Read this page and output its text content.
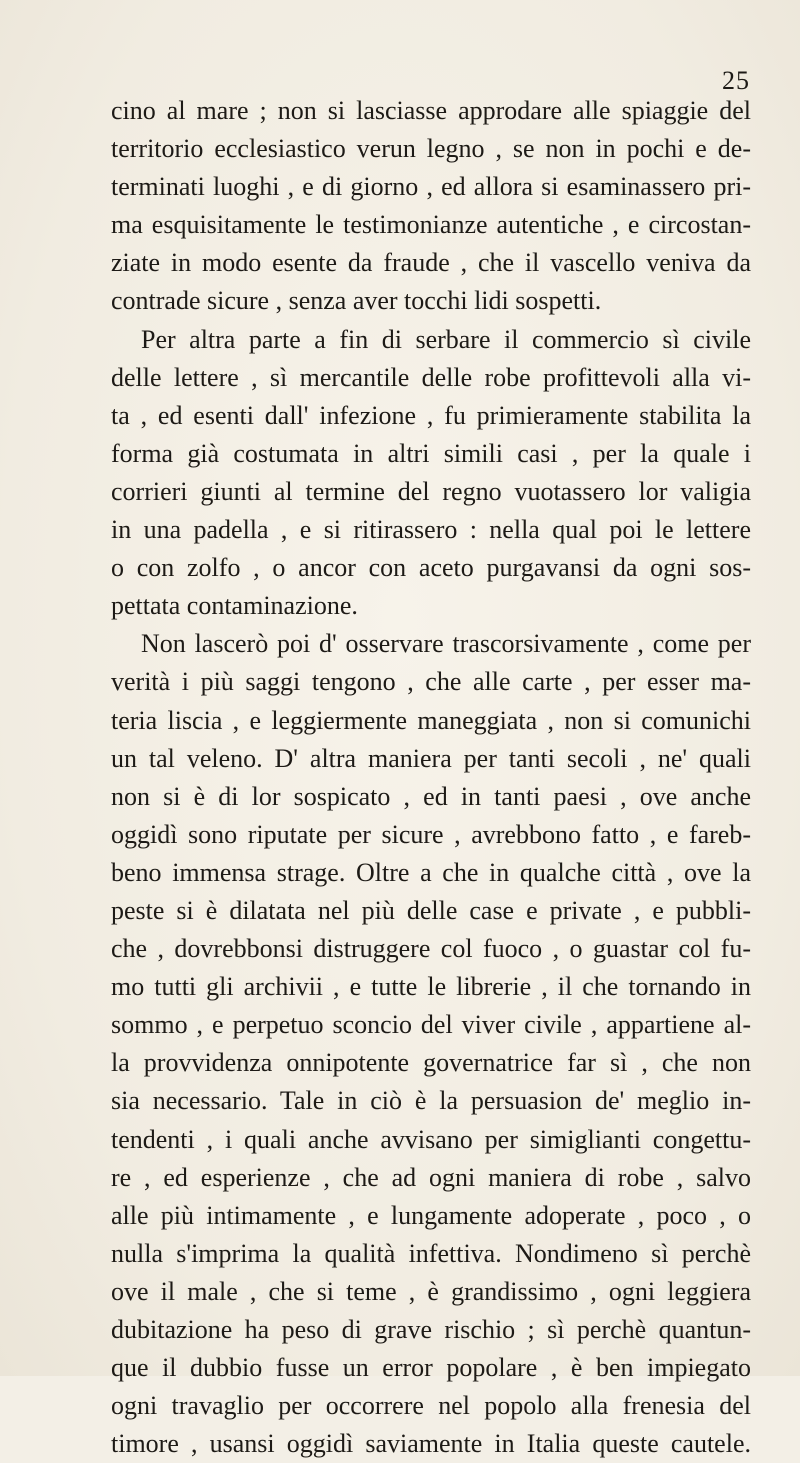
25
cino al mare ; non si lasciasse approdare alle spiaggie del
territorio ecclesiastico verun legno , se non in pochi e de-
terminati luoghi , e di giorno , ed allora si esaminassero pri-
ma esquisitamente le testimonianze autentiche , e circostan-
ziate in modo esente da fraude , che il vascello veniva da
contrade sicure , senza aver tocchi lidi sospetti.
Per altra parte a fin di serbare il commercio sì civile
delle lettere , sì mercantile delle robe profittevoli alla vi-
ta , ed esenti dall' infezione , fu primieramente stabilita la
forma già costumata in altri simili casi , per la quale i
corrieri giunti al termine del regno vuotassero lor valigia
in una padella , e si ritirassero : nella qual poi le lettere
o con zolfo , o ancor con aceto purgavansi da ogni sos-
pettata contaminazione.
Non lascerò poi d' osservare trascorsivamente , come per
verità i più saggi tengono , che alle carte , per esser ma-
teria liscia , e leggiermente maneggiata , non si comunichi
un tal veleno. D' altra maniera per tanti secoli , ne' quali
non si è di lor sospicato , ed in tanti paesi , ove anche
oggidì sono riputate per sicure , avrebbono fatto , e fareb-
beno immensa strage. Oltre a che in qualche città , ove la
peste si è dilatata nel più delle case e private , e pubbli-
che , dovrebbonsi distruggere col fuoco , o guastar col fu-
mo tutti gli archivii , e tutte le librerie , il che tornando in
sommo , e perpetuo sconcio del viver civile , appartiene al-
la provvidenza onnipotente governatrice far sì , che non
sia necessario. Tale in ciò è la persuasion de' meglio in-
tendenti , i quali anche avvisano per simiglianti congettu-
re , ed esperienze , che ad ogni maniera di robe , salvo
alle più intimamente , e lungamente adoperate , poco , o
nulla s'imprima la qualità infettiva. Nondimeno sì perchè
ove il male , che si teme , è grandissimo , ogni leggiera
dubitazione ha peso di grave rischio ; sì perchè quantun-
que il dubbio fusse un error popolare , è ben impiegato
ogni travaglio per occorrere nel popolo alla frenesia del
timore , usansi oggidì saviamente in Italia queste cautele.
